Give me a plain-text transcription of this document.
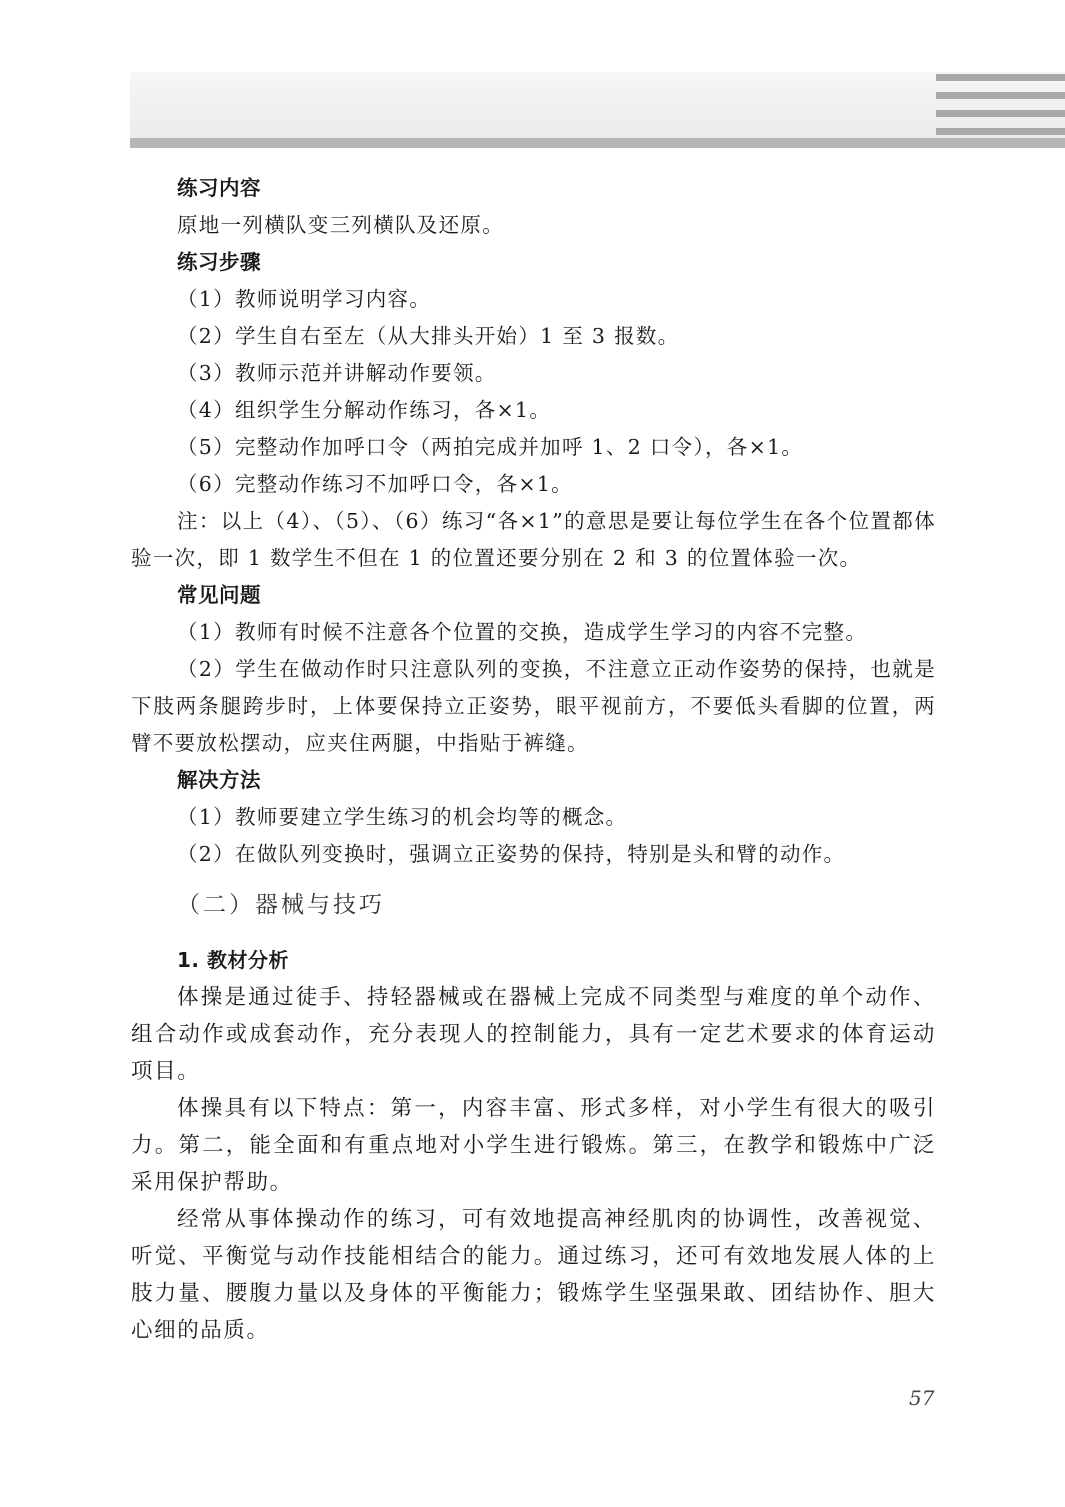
练习内容

原地一列横队变三列横队及还原。

练习步骤

（1）教师说明学习内容。

（2）学生自右至左（从大排头开始）1 至 3 报数。

（3）教师示范并讲解动作要领。

（4）组织学生分解动作练习，各×1。

（5）完整动作加呼口令（两拍完成并加呼 1、2 口令），各×1。

（6）完整动作练习不加呼口令，各×1。

注：以上（4）、（5）、（6）练习“各×1”的意思是要让每位学生在各个位置都体验一次，即 1 数学生不但在 1 的位置还要分别在 2 和 3 的位置体验一次。

常见问题

（1）教师有时候不注意各个位置的交换，造成学生学习的内容不完整。

（2）学生在做动作时只注意队列的变换，不注意立正动作姿势的保持，也就是下肢两条腿跨步时，上体要保持立正姿势，眼平视前方，不要低头看脚的位置，两臂不要放松摆动，应夹住两腿，中指贴于裤缝。

解决方法

（1）教师要建立学生练习的机会均等的概念。

（2）在做队列变换时，强调立正姿势的保持，特别是头和臂的动作。

（二）器械与技巧

1. 教材分析

体操是通过徒手、持轻器械或在器械上完成不同类型与难度的单个动作、组合动作或成套动作，充分表现人的控制能力，具有一定艺术要求的体育运动项目。

体操具有以下特点：第一，内容丰富、形式多样，对小学生有很大的吸引力。第二，能全面和有重点地对小学生进行锻炼。第三，在教学和锻炼中广泛采用保护帮助。

经常从事体操动作的练习，可有效地提高神经肌肉的协调性，改善视觉、听觉、平衡觉与动作技能相结合的能力。通过练习，还可有效地发展人体的上肢力量、腰腹力量以及身体的平衡能力；锻炼学生坚强果敢、团结协作、胆大心细的品质。

57
